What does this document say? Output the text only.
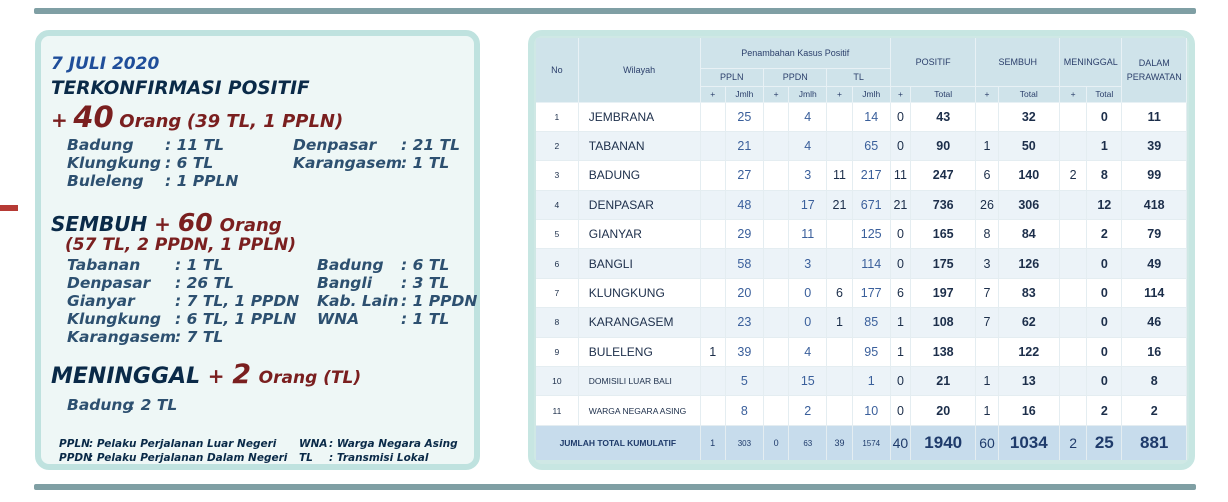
7 JULI 2020
TERKONFIRMASI POSITIF
+ 40 Orang (39 TL, 1 PPLN)
Badung : 11 TL	Denpasar : 21 TL
Klungkung : 6 TL	Karangasem: 1 TL
Buleleng : 1 PPLN
SEMBUH + 60 Orang
(57 TL, 2 PPDN, 1 PPLN)
Tabanan : 1 TL	Badung : 6 TL
Denpasar : 26 TL	Bangli : 3 TL
Gianyar	: 7 TL, 1 PPDN Kab. Lain : 1 PPDN
Klungkung : 6 TL, 1 PPLN WNA	: 1 TL
Karangasem: 7 TL
MENINGGAL + 2 Orang (TL)
Badung: 2 TL
PPLN: Pelaku Perjalanan Luar Negeri
PPDN: Pelaku Perjalanan Dalam Negeri
WNA : Warga Negara Asing
TL : Transmisi Lokal
No	Wilayah	Penambahan Kasus Positif						POSITIF		SEMBUH		MENINGGAL		DALAM PERAWATAN
		PPLN		PPDN		TL								
		+	Jmlh	+	Jmlh	+	Jmlh	+	Total	+	Total	+	Total	
1	JEMBRANA		25		4		14	0	43		32		0	11
2	TABANAN		21		4		65	0	90	1	50		1	39
3	BADUNG		27		3	11	217	11	247	6	140	2	8	99
4	DENPASAR		48		17	21	671	21	736	26	306		12	418
5	GIANYAR		29		11		125	0	165	8	84		2	79
6	BANGLI		58		3		114	0	175	3	126		0	49
7	KLUNGKUNG		20		0	6	177	6	197	7	83		0	114
8	KARANGASEM		23		0	1	85	1	108	7	62		0	46
9	BULELENG	1	39		4		95	1	138		122		0	16
10	DOMISILI LUAR BALI		5		15		1	0	21	1	13		0	8
11	WARGA NEGARA ASING		8		2		10	0	20	1	16		2	2
JUMLAH TOTAL KUMULATIF		1	303	0	63	39	1574	40	1940	60	1034	2	25	881
